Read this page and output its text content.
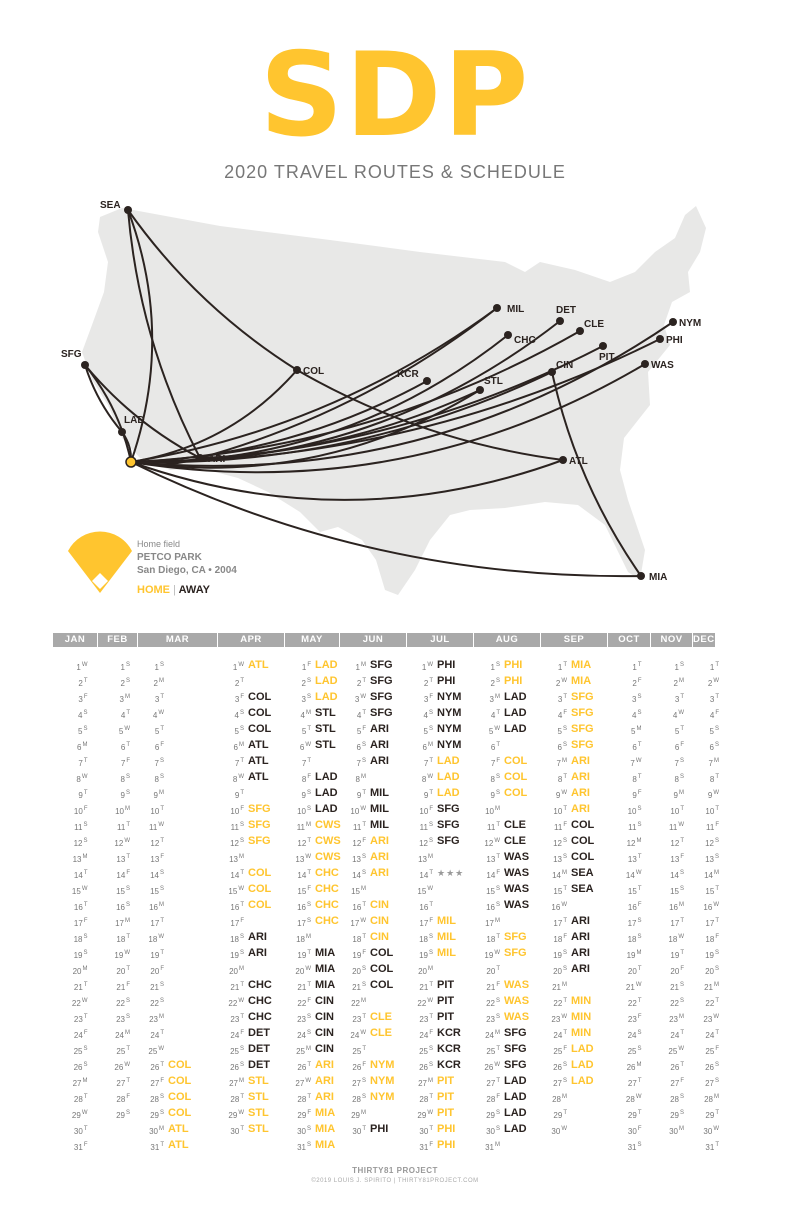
SDP
2020 TRAVEL ROUTES & SCHEDULE
SEA
SFG
LAD
ARI
COL
MIL	DET
CLE
CHC
PIT
NYM
PHI
WAS
KCR
STL
CIN
ATL
MIA
Home field
PETCO PARK
San Diego, CA • 2004
HOME | AWAY
JAN
$1^W$
$2^T$
$3^F$
$4^S$
$5^S$
$6^M$
$7^T$
$8^W$
$9^T$
$10^F$
$11^S$
$12^S$
$13^M$
$14^T$
$15^W$
$16^T$
$17^F$
$18^S$
$19^S$
$20^M$
$21^T$
$22^W$
$23^T$
$24^F$
$25^S$
$26^S$
$27^M$
$28^T$
$29^W$
$30^T$
$31^F$
FEB
$1^S$
$2^S$
$3^M$
$4^T$
$5^W$
$6^T$
$7^F$
$8^S$
$9^S$
$10^M$
$11^T$
$12^W$
$13^T$
$14^F$
$15^S$
$16^S$
$17^M$
$18^T$
$19^W$
$20^T$
$21^F$
$22^S$
$23^S$
$24^M$
$25^T$
$26^W$
$27^T$
$28^F$
$29^S$
MAR
$1^S$
$2^M$
$3^T$
$4^W$
$5^T$
$6^F$
$7^S$
$8^S$
$9^M$
$10^T$
$11^W$
$12^T$
$13^F$
$14^S$
$15^S$
$16^M$
$17^T$
$18^W$
$19^T$
$20^F$
$21^S$
$22^S$
$23^M$
$24^T$
$25^W$
$26^T$ COL
$27^F$ COL
$28^S$ COL
$29^S$ COL
$30^M$ ATL
$31^T$ ATL
APR
$1^W$ ATL
$2^T$
$3^F$ COL
$4^S$ COL
$5^S$ COL
$6^M$ ATL
$7^T$ ATL
$8^W$ ATL
$9^T$
$10^F$ SFG
$11^S$ SFG
$12^S$ SFG
$13^M$
$14^T$ COL
$15^W$ COL
$16^T$ COL
$17^F$
$18^S$ ARI
$19^S$ ARI
$20^M$
$21^T$ CHC
$22^W$ CHC
$23^T$ CHC
$24^F$ DET
$25^S$ DET
$26^S$ DET
$27^M$ STL
$28^T$ STL
$29^W$ STL
$30^T$ STL
MAY
$1^F$ LAD
$2^S$ LAD
$3^S$ LAD
$4^M$ STL
$5^T$ STL
$6^W$ STL
$7^T$
$8^F$ LAD
$9^S$ LAD
$10^S$ LAD
$11^M$ CWS
$12^T$ CWS
$13^W$ CWS
$14^T$ CHC
$15^F$ CHC
$16^S$ CHC
$17^S$ CHC
$18^M$
$19^T$ MIA
$20^W$ MIA
$21^T$ MIA
$22^F$ CIN
$23^S$ CIN
$24^S$ CIN
$25^M$ CIN
$26^T$ ARI
$27^W$ ARI
$28^T$ ARI
$29^F$ MIA
$30^S$ MIA
$31^S$ MIA
JUN
$1^M$ SFG
$2^T$ SFG
$3^W$ SFG
$4^T$ SFG
$5^F$ ARI
$6^S$ ARI
$7^S$ ARI
$8^M$
$9^T$ MIL
$10^W$ MIL
$11^T$ MIL
$12^F$ ARI
$13^S$ ARI
$14^S$ ARI
$15^M$
$16^T$ CIN
$17^W$ CIN
$18^T$ CIN
$19^F$ COL
$20^S$ COL
$21^S$ COL
$22^M$
$23^T$ CLE
$24^W$ CLE
$25^T$
$26^F$ NYM
$27^S$ NYM
$28^S$ NYM
$29^M$
$30^T$ PHI
JUL
$1^W$ PHI
$2^T$ PHI
$3^F$ NYM
$4^S$ NYM
$5^S$ NYM
$6^M$ NYM
$7^T$ LAD
$8^W$ LAD
$9^T$ LAD
$10^F$ SFG
$11^S$ SFG
$12^S$ SFG
$13^M$
$14^T$ ★★★
$15^W$
$16^T$
$17^F$ MIL
$18^S$ MIL
$19^S$ MIL
$20^M$
$21^T$ PIT
$22^W$ PIT
$23^T$ PIT
$24^F$ KCR
$25^S$ KCR
$26^S$ KCR
$27^M$ PIT
$28^T$ PIT
$29^W$ PIT
$30^T$ PHI
$31^F$ PHI
AUG
$1^S$ PHI
$2^S$ PHI
$3^M$ LAD
$4^T$ LAD
$5^W$ LAD
$6^T$
$7^F$ COL
$8^S$ COL
$9^S$ COL
$10^M$
$11^T$ CLE
$12^W$ CLE
$13^T$ WAS
$14^F$ WAS
$15^S$ WAS
$16^S$ WAS
$17^M$
$18^T$ SFG
$19^W$ SFG
$20^T$
$21^F$ WAS
$22^S$ WAS
$23^S$ WAS
$24^M$ SFG
$25^T$ SFG
$26^W$ SFG
$27^T$ LAD
$28^F$ LAD
$29^S$ LAD
$30^S$ LAD
$31^M$
SEP
$1^T$ MIA
$2^W$ MIA
$3^T$ SFG
$4^F$ SFG
$5^S$ SFG
$6^S$ SFG
$7^M$ ARI
$8^T$ ARI
$9^W$ ARI
$10^T$ ARI
$11^F$ COL
$12^S$ COL
$13^S$ COL
$14^M$ SEA
$15^T$ SEA
$16^W$
$17^T$ ARI
$18^F$ ARI
$19^S$ ARI
$20^S$ ARI
$21^M$
$22^T$ MIN
$23^W$ MIN
$24^T$ MIN
$25^F$ LAD
$26^S$ LAD
$27^S$ LAD
$28^M$
$29^T$
$30^W$
OCT
$1^T$
$2^F$
$3^S$
$4^S$
$5^M$
$6^T$
$7^W$
$8^T$
$9^F$
$10^S$
$11^S$
$12^M$
$13^T$
$14^W$
$15^T$
$16^F$
$17^S$
$18^S$
$19^M$
$20^T$
$21^W$
$22^T$
$23^F$
$24^S$
$25^S$
$26^M$
$27^T$
$28^W$
$29^T$
$30^F$
$31^S$
NOV
$1^S$
$2^M$
$3^T$
$4^W$
$5^T$
$6^F$
$7^S$
$8^S$
$9^M$
$10^T$
$11^W$
$12^T$
$13^F$
$14^S$
$15^S$
$16^M$
$17^T$
$18^W$
$19^T$
$20^F$
$21^S$
$22^S$
$23^M$
$24^T$
$25^W$
$26^T$
$27^F$
$28^S$
$29^S$
$30^M$
DEC
$1^T$
$2^W$
$3^T$
$4^F$
$5^S$
$6^S$
$7^M$
$8^T$
$9^W$
$10^T$
$11^F$
$12^S$
$13^S$
$14^M$
$15^T$
$16^W$
$17^T$
$18^F$
$19^S$
$20^S$
$21^M$
$22^T$
$23^W$
$24^T$
$25^F$
$26^S$
$27^S$
$28^M$
$29^T$
$30^W$
$31^T$
THIRTY81 PROJECT
©2019 LOUIS J. SPIRITO | THIRTY81PROJECT.COM
